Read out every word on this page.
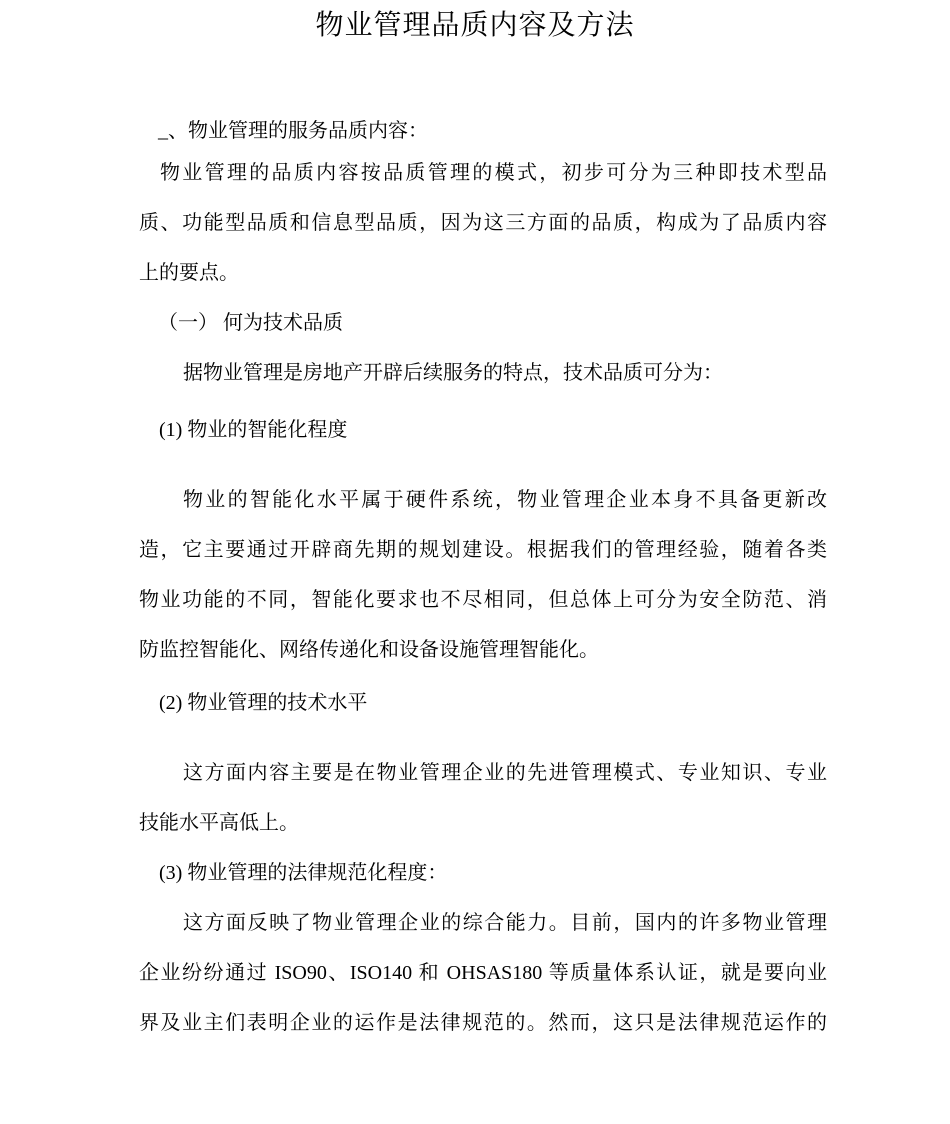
物业管理品质内容及方法
_、物业管理的服务品质内容：
物业管理的品质内容按品质管理的模式，初步可分为三种即技术型品
质、功能型品质和信息型品质，因为这三方面的品质，构成为了品质内容
上的要点。
（一） 何为技术品质
据物业管理是房地产开辟后续服务的特点，技术品质可分为：
(1) 物业的智能化程度
物业的智能化水平属于硬件系统，物业管理企业本身不具备更新改
造，它主要通过开辟商先期的规划建设。根据我们的管理经验，随着各类
物业功能的不同，智能化要求也不尽相同，但总体上可分为安全防范、消
防监控智能化、网络传递化和设备设施管理智能化。
(2) 物业管理的技术水平
这方面内容主要是在物业管理企业的先进管理模式、专业知识、专业
技能水平高低上。
(3) 物业管理的法律规范化程度：
这方面反映了物业管理企业的综合能力。目前，国内的许多物业管理
企业纷纷通过 ISO90、ISO140 和 OHSAS180 等质量体系认证，就是要向业
界及业主们表明企业的运作是法律规范的。然而，这只是法律规范运作的
